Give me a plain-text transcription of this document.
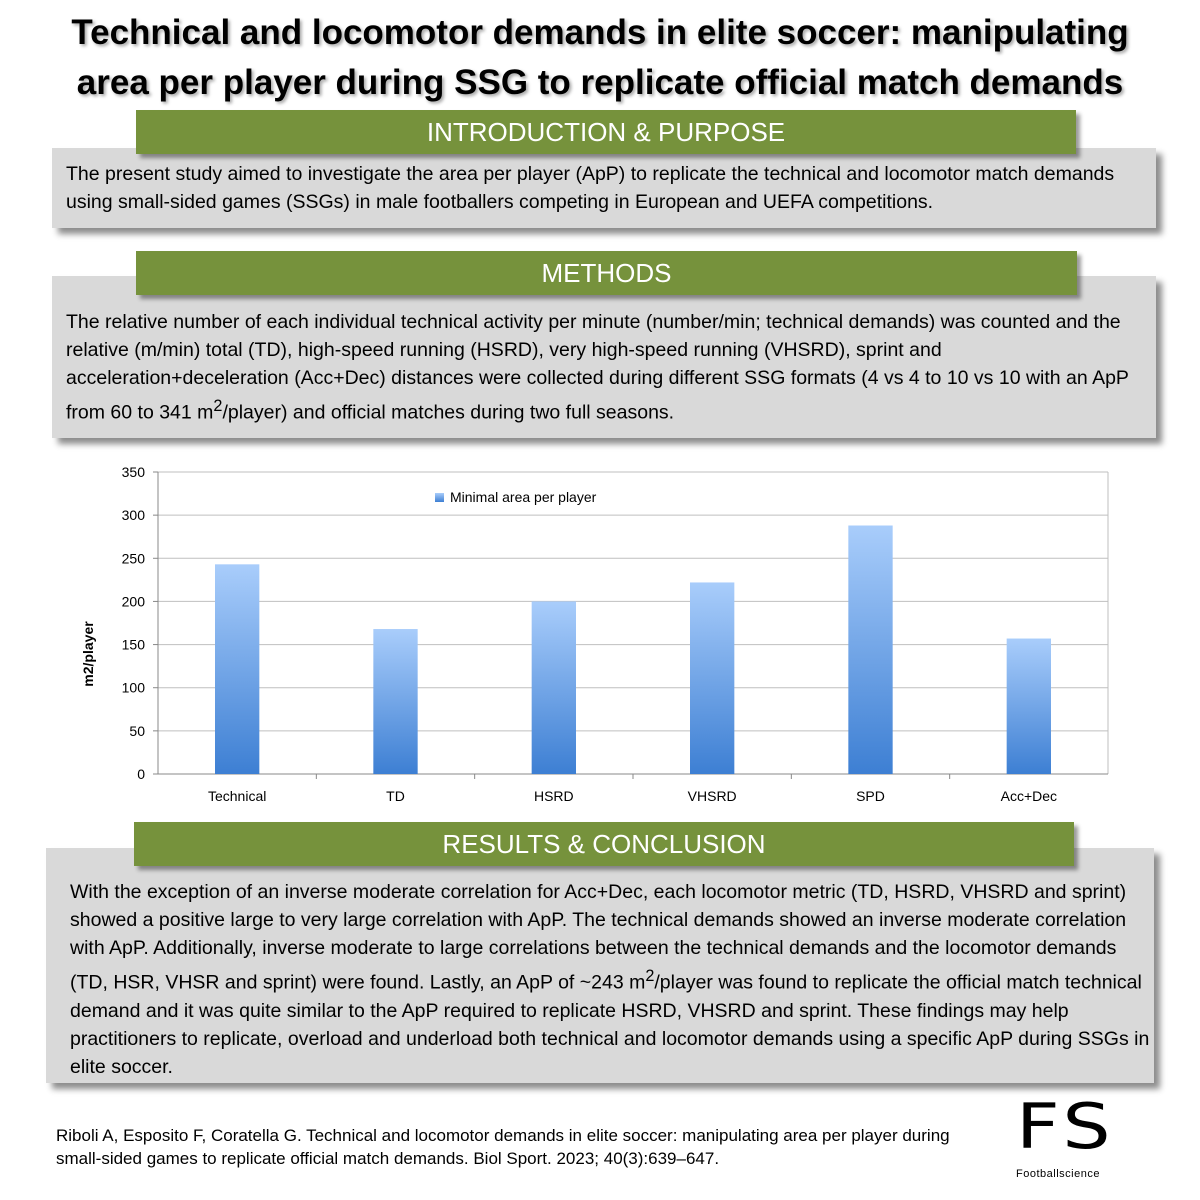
Technical and locomotor demands in elite soccer: manipulating
area per player during SSG to replicate official match demands

The present study aimed to investigate the area per player (ApP) to replicate the technical and locomotor match demands using small-sided games (SSGs) in male footballers competing in European and UEFA competitions.

INTRODUCTION & PURPOSE

The relative number of each individual technical activity per minute (number/min; technical demands) was counted and the relative (m/min) total (TD), high-speed running (HSRD), very high-speed running (VHSRD), sprint and acceleration+deceleration (Acc+Dec) distances were collected during different SSG formats (4 vs 4 to 10 vs 10 with an ApP from 60 to 341 $m^2/player$) and official matches during two full seasons.

METHODS
0
50
100
150
200
250
300
350
Technical	TD	HSRD	VHSRD	SPD	Acc+Dec
Minimal area per player
m2/player

With the exception of an inverse moderate correlation for Acc+Dec, each locomotor metric (TD, HSRD, VHSRD and sprint) showed a positive large to very large correlation with ApP. The technical demands showed an inverse moderate correlation with ApP. Additionally, inverse moderate to large correlations between the technical demands and the locomotor demands (TD, HSR, VHSR and sprint) were found. Lastly, an ApP of ~243 $m^2$/player was found to replicate the official match technical demand and it was quite similar to the ApP required to replicate HSRD, VHSRD and sprint. These findings may help practitioners to replicate, overload and underload both technical and locomotor demands using a specific ApP during SSGs in elite soccer.

RESULTS & CONCLUSION
Riboli A, Esposito F, Coratella G. Technical and locomotor demands in elite soccer: manipulating area per player during small-sided games to replicate official match demands. Biol Sport. 2023; 40(3):639–647.	FS
Footballscience
